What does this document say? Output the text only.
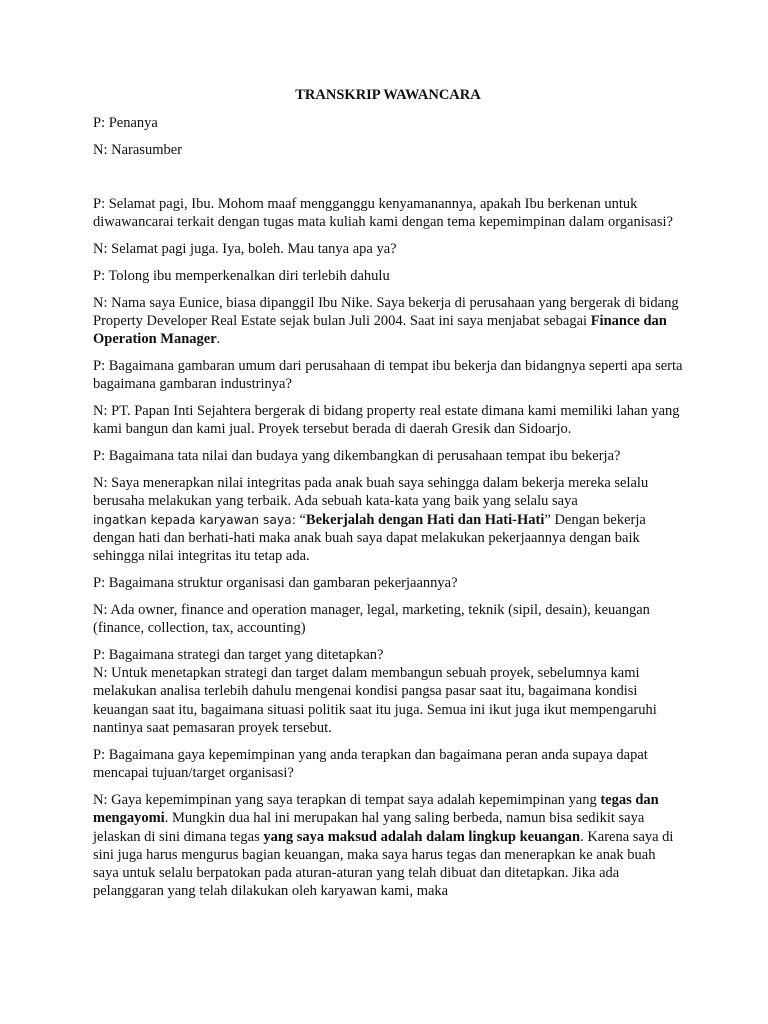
TRANSKRIP WAWANCARA
P: Penanya
N: Narasumber
P: Selamat pagi, Ibu. Mohom maaf mengganggu kenyamanannya, apakah Ibu berkenan untuk diwawancarai terkait dengan tugas mata kuliah kami dengan tema kepemimpinan dalam organisasi?
N: Selamat pagi juga. Iya, boleh. Mau tanya apa ya?
P: Tolong ibu memperkenalkan diri terlebih dahulu
N: Nama saya Eunice, biasa dipanggil Ibu Nike. Saya bekerja di perusahaan yang bergerak di bidang Property Developer Real Estate sejak bulan Juli 2004. Saat ini saya menjabat sebagai Finance dan Operation Manager.
P: Bagaimana gambaran umum dari perusahaan di tempat ibu bekerja dan bidangnya seperti apa serta bagaimana gambaran industrinya?
N: PT. Papan Inti Sejahtera bergerak di bidang property real estate dimana kami memiliki lahan yang kami bangun dan kami jual. Proyek tersebut berada di daerah Gresik dan Sidoarjo.
P: Bagaimana tata nilai dan budaya yang dikembangkan di perusahaan tempat ibu bekerja?
N: Saya menerapkan nilai integritas pada anak buah saya sehingga dalam bekerja mereka selalu berusaha melakukan yang terbaik. Ada sebuah kata-kata yang baik yang selalu saya
ingatkan kepada karyawan saya: “Bekerjalah dengan Hati dan Hati-Hati” Dengan bekerja dengan hati dan berhati-hati maka anak buah saya dapat melakukan pekerjaannya dengan baik sehingga nilai integritas itu tetap ada.
P: Bagaimana struktur organisasi dan gambaran pekerjaannya?
N: Ada owner, finance and operation manager, legal, marketing, teknik (sipil, desain), keuangan (finance, collection, tax, accounting)
P: Bagaimana strategi dan target yang ditetapkan?
N: Untuk menetapkan strategi dan target dalam membangun sebuah proyek, sebelumnya kami melakukan analisa terlebih dahulu mengenai kondisi pangsa pasar saat itu, bagaimana kondisi keuangan saat itu, bagaimana situasi politik saat itu juga. Semua ini ikut juga ikut mempengaruhi nantinya saat pemasaran proyek tersebut.
P: Bagaimana gaya kepemimpinan yang anda terapkan dan bagaimana peran anda supaya dapat mencapai tujuan/target organisasi?
N: Gaya kepemimpinan yang saya terapkan di tempat saya adalah kepemimpinan yang tegas dan mengayomi. Mungkin dua hal ini merupakan hal yang saling berbeda, namun bisa sedikit saya jelaskan di sini dimana tegas yang saya maksud adalah dalam lingkup keuangan. Karena saya di sini juga harus mengurus bagian keuangan, maka saya harus tegas dan menerapkan ke anak buah saya untuk selalu berpatokan pada aturan-aturan yang telah dibuat dan ditetapkan. Jika ada pelanggaran yang telah dilakukan oleh karyawan kami, maka
